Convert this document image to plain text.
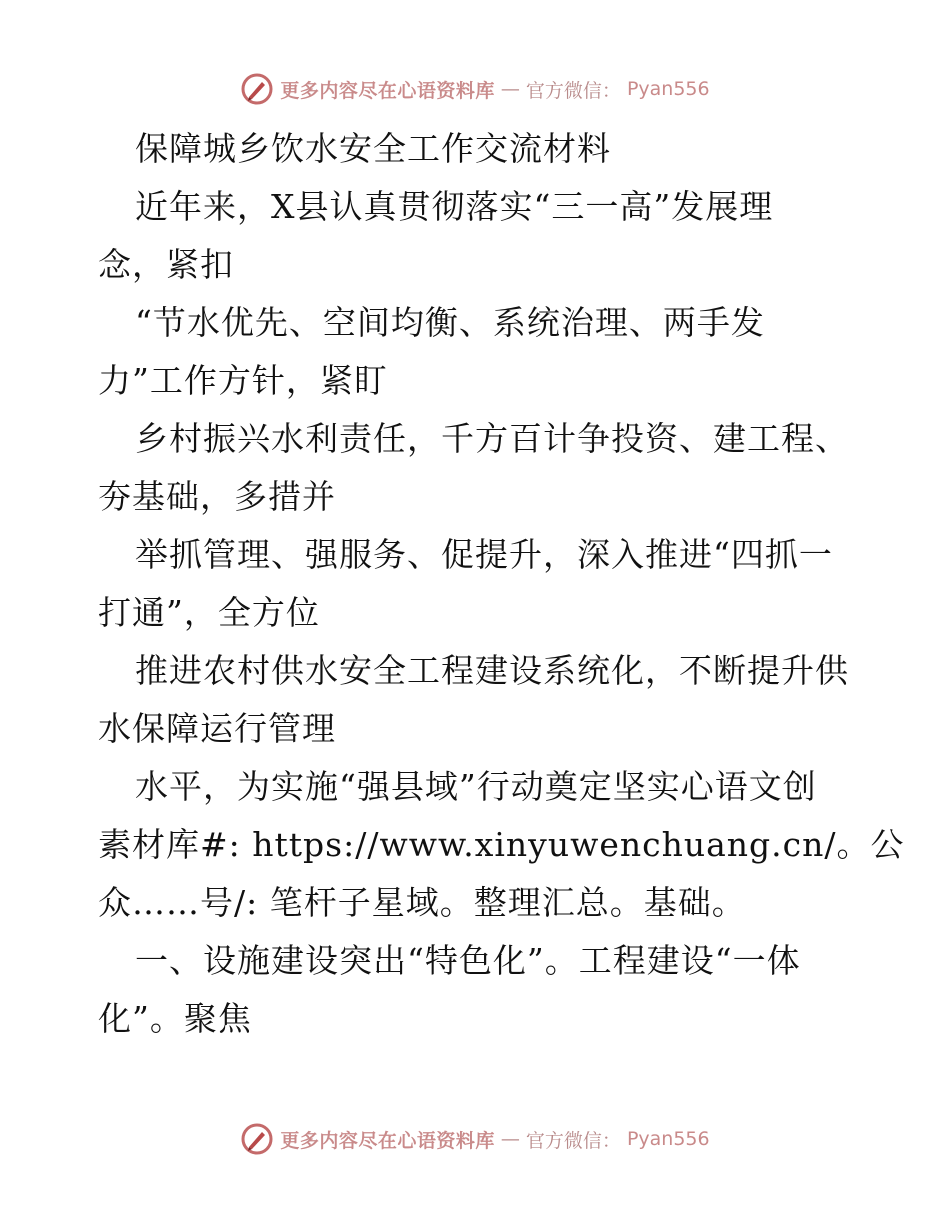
更多内容尽在心语资料库 — 官方微信： Pyan556
保障城乡饮水安全工作交流材料
近年来，X县认真贯彻落实“三一高”发展理
念，紧扣
“节水优先、空间均衡、系统治理、两手发
力”工作方针，紧盯
乡村振兴水利责任，千方百计争投资、建工程、
夯基础，多措并
举抓管理、强服务、促提升，深入推进“四抓一
打通”，全方位
推进农村供水安全工程建设系统化，不断提升供
水保障运行管理
水平，为实施“强县域”行动奠定坚实心语文创
素材库#: https://www.xinyuwenchuang.cn/。公
众……号/: 笔杆子星域。整理汇总。基础。
一、设施建设突出“特色化”。工程建设“一体
化”。聚焦
更多内容尽在心语资料库 — 官方微信： Pyan556
